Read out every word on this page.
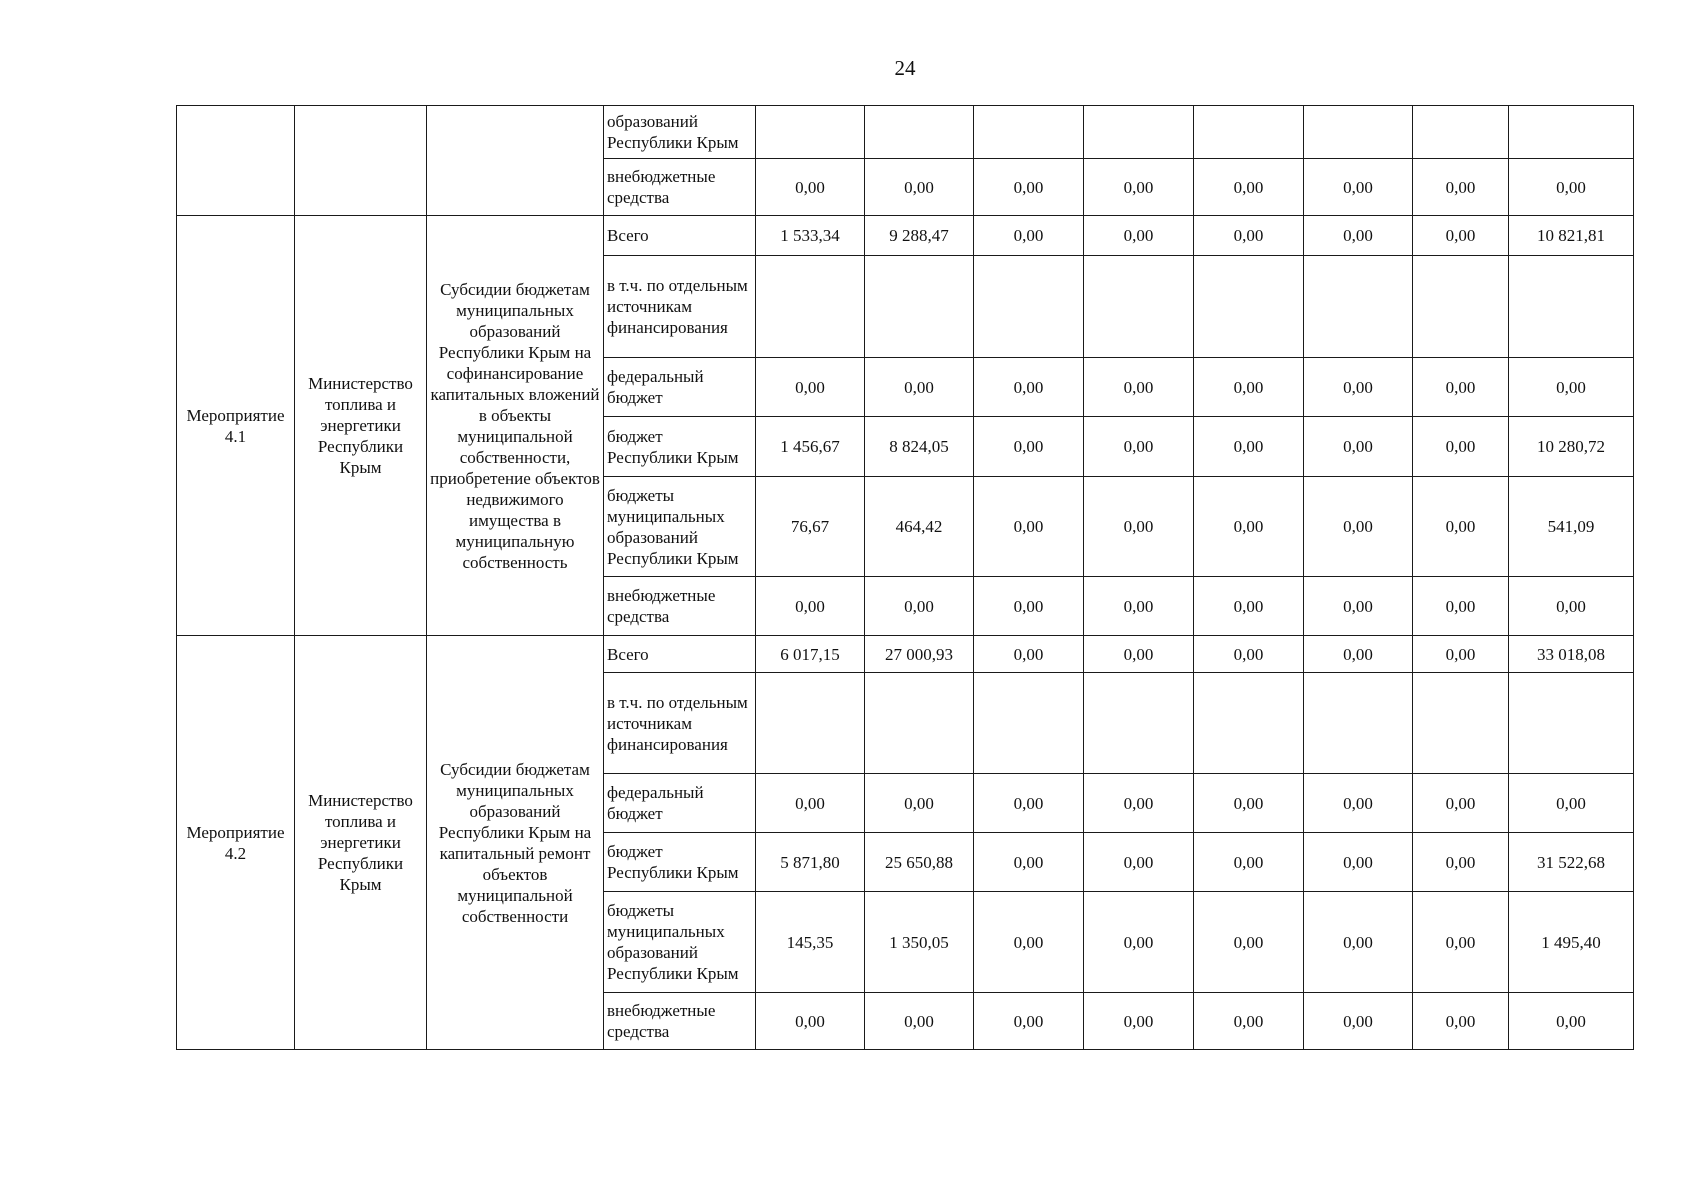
24
			образований Республики Крым								
			внебюджетные средства	0,00	0,00	0,00	0,00	0,00	0,00	0,00	0,00
Мероприятие 4.1	Министерство топлива и энергетики Республики Крым	Субсидии бюджетам муниципальных образований Республики Крым на софинансирование капитальных вложений в объекты муниципальной собственности, приобретение объектов недвижимого имущества в муниципальную собственность	Всего	1 533,34	9 288,47	0,00	0,00	0,00	0,00	0,00	10 821,81
			в т.ч. по отдельным источникам финансирования								
			федеральный бюджет	0,00	0,00	0,00	0,00	0,00	0,00	0,00	0,00
			бюджет Республики Крым	1 456,67	8 824,05	0,00	0,00	0,00	0,00	0,00	10 280,72
			бюджеты муниципальных образований Республики Крым	76,67	464,42	0,00	0,00	0,00	0,00	0,00	541,09
			внебюджетные средства	0,00	0,00	0,00	0,00	0,00	0,00	0,00	0,00
Мероприятие 4.2	Министерство топлива и энергетики Республики Крым	Субсидии бюджетам муниципальных образований Республики Крым на капитальный ремонт объектов муниципальной собственности	Всего	6 017,15	27 000,93	0,00	0,00	0,00	0,00	0,00	33 018,08
			в т.ч. по отдельным источникам финансирования								
			федеральный бюджет	0,00	0,00	0,00	0,00	0,00	0,00	0,00	0,00
			бюджет Республики Крым	5 871,80	25 650,88	0,00	0,00	0,00	0,00	0,00	31 522,68
			бюджеты муниципальных образований Республики Крым	145,35	1 350,05	0,00	0,00	0,00	0,00	0,00	1 495,40
			внебюджетные средства	0,00	0,00	0,00	0,00	0,00	0,00	0,00	0,00
